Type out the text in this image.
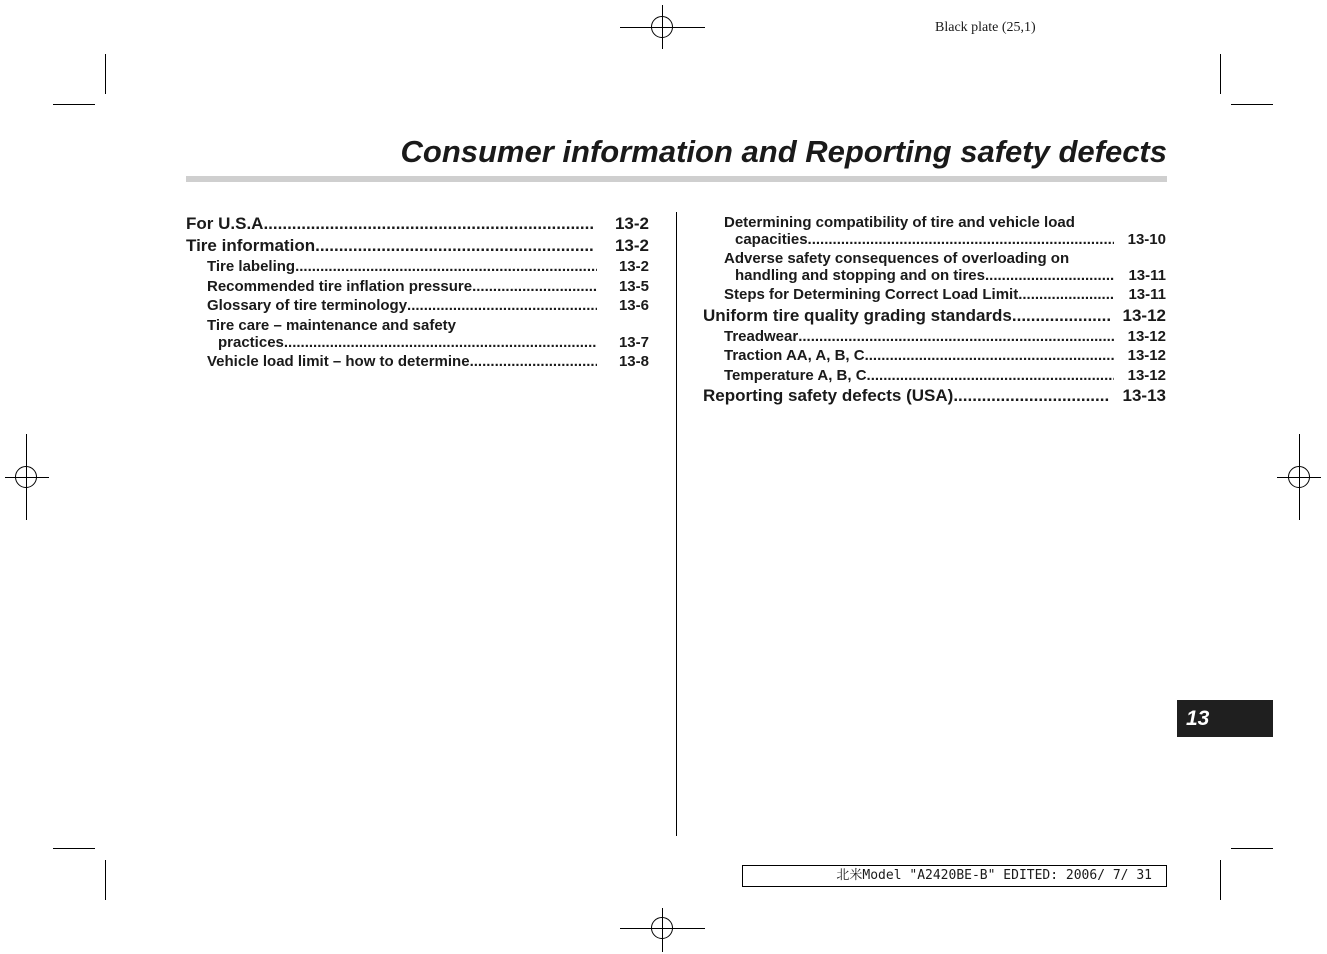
Black plate (25,1)
Consumer information and Reporting safety defects
For U.S.A. .....	13-2
Tire information .....	13-2
Tire labeling .....	13-2
Recommended tire inflation pressure .....	13-5
Glossary of tire terminology .....	13-6
Tire care – maintenance and safety
practices .....	13-7
Vehicle load limit – how to determine .....	13-8
Determining compatibility of tire and vehicle load
capacities .....	13-10
Adverse safety consequences of overloading on
handling and stopping and on tires .....	13-11
Steps for Determining Correct Load Limit .....	13-11
Uniform tire quality grading standards .....	13-12
Treadwear .....	13-12
Traction AA, A, B, C .....	13-12
Temperature A, B, C .....	13-12
Reporting safety defects (USA) .....	13-13
13
北米Model "A2420BE-B" EDITED: 2006/ 7/ 31
